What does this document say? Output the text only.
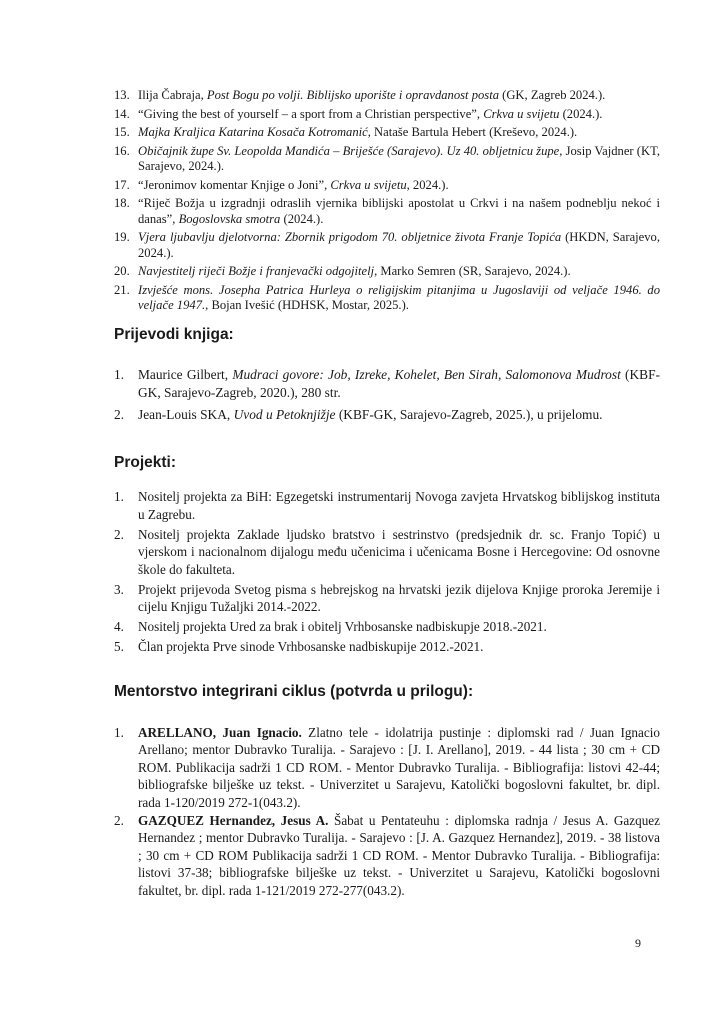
13. Ilija Čabraja, Post Bogu po volji. Biblijsko uporište i opravdanost posta (GK, Zagreb 2024.).
14. “Giving the best of yourself – a sport from a Christian perspective”, Crkva u svijetu (2024.).
15. Majka Kraljica Katarina Kosača Kotromanić, Nataše Bartula Hebert (Kreševo, 2024.).
16. Običajnik župe Sv. Leopolda Mandića – Briješće (Sarajevo). Uz 40. obljetnicu župe, Josip Vajdner (KT, Sarajevo, 2024.).
17. “Jeronimov komentar Knjige o Joni”, Crkva u svijetu, 2024.).
18. “Riječ Božja u izgradnji odraslih vjernika biblijski apostolat u Crkvi i na našem podneblju nekoć i danas”, Bogoslovska smotra (2024.).
19. Vjera ljubavlju djelotvorna: Zbornik prigodom 70. obljetnice života Franje Topića (HKDN, Sarajevo, 2024.).
20. Navjestitelj riječi Božje i franjevački odgojitelj, Marko Semren (SR, Sarajevo, 2024.).
21. Izvješće mons. Josepha Patrica Hurleya o religijskim pitanjima u Jugoslaviji od veljače 1946. do veljače 1947., Bojan Ivešić (HDHSK, Mostar, 2025.).
Prijevodi knjiga:
1. Maurice Gilbert, Mudraci govore: Job, Izreke, Kohelet, Ben Sirah, Salomonova Mudrost (KBF-GK, Sarajevo-Zagreb, 2020.), 280 str.
2. Jean-Louis SKA, Uvod u Petoknjižje (KBF-GK, Sarajevo-Zagreb, 2025.), u prijelomu.
Projekti:
1. Nositelj projekta za BiH: Egzegetski instrumentarij Novoga zavjeta Hrvatskog biblijskog instituta u Zagrebu.
2. Nositelj projekta Zaklade ljudsko bratstvo i sestrinstvo (predsjednik dr. sc. Franjo Topić) u vjerskom i nacionalnom dijalogu među učenicima i učenicama Bosne i Hercegovine: Od osnovne škole do fakulteta.
3. Projekt prijevoda Svetog pisma s hebrejskog na hrvatski jezik dijelova Knjige proroka Jeremije i cijelu Knjigu Tužaljki 2014.-2022.
4. Nositelj projekta Ured za brak i obitelj Vrhbosanske nadbiskupje 2018.-2021.
5. Član projekta Prve sinode Vrhbosanske nadbiskupije 2012.-2021.
Mentorstvo integrirani ciklus (potvrda u prilogu):
1. ARELLANO, Juan Ignacio. Zlatno tele - idolatrija pustinje : diplomski rad / Juan Ignacio Arellano; mentor Dubravko Turalija. - Sarajevo : [J. I. Arellano], 2019. - 44 lista ; 30 cm + CD ROM. Publikacija sadrži 1 CD ROM. - Mentor Dubravko Turalija. - Bibliografija: listovi 42-44; bibliografske bilješke uz tekst. - Univerzitet u Sarajevu, Katolički bogoslovni fakultet, br. dipl. rada 1-120/2019 272-1(043.2).
2. GAZQUEZ Hernandez, Jesus A. Šabat u Pentateuhu : diplomska radnja / Jesus A. Gazquez Hernandez ; mentor Dubravko Turalija. - Sarajevo : [J. A. Gazquez Hernandez], 2019. - 38 listova ; 30 cm + CD ROM Publikacija sadrži 1 CD ROM. - Mentor Dubravko Turalija. - Bibliografija: listovi 37-38; bibliografske bilješke uz tekst. - Univerzitet u Sarajevu, Katolički bogoslovni fakultet, br. dipl. rada 1-121/2019 272-277(043.2).
9
